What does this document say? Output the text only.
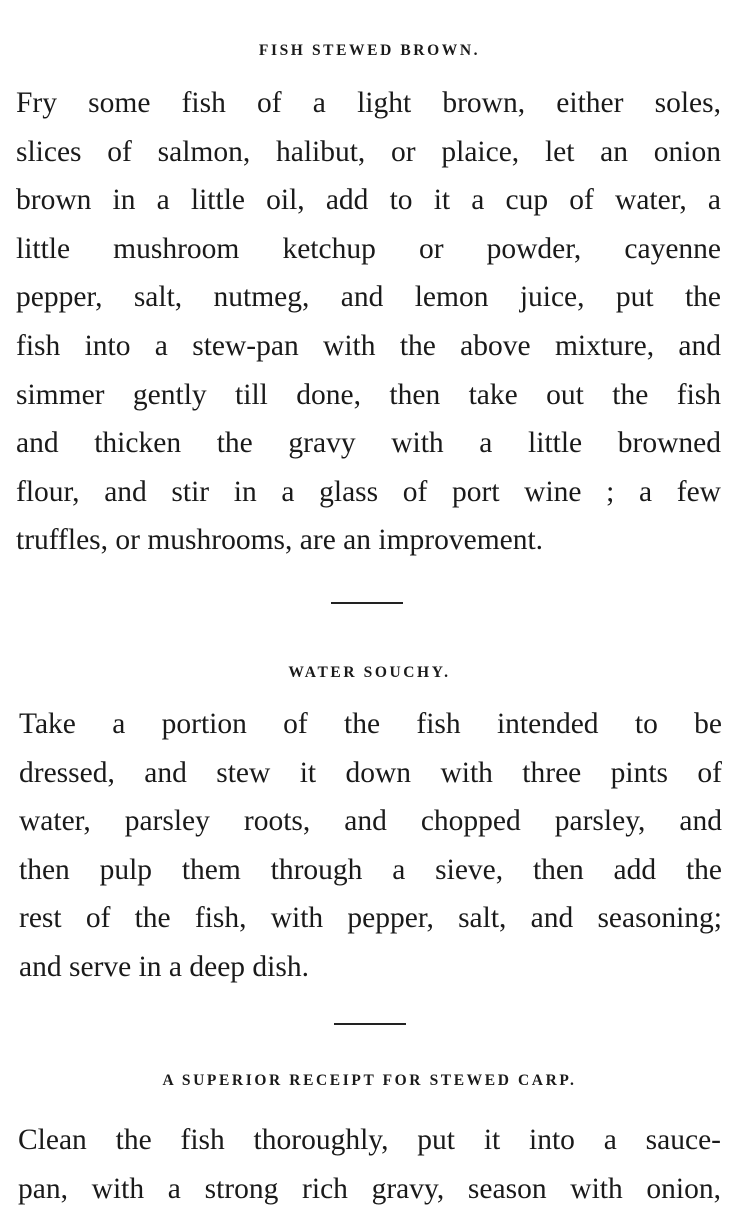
FISH STEWED BROWN.
Fry some fish of a light brown, either soles,
slices of salmon, halibut, or plaice, let an onion
brown in a little oil, add to it a cup of water, a
little mushroom ketchup or powder, cayenne
pepper, salt, nutmeg, and lemon juice, put the
fish into a stew-pan with the above mixture, and
simmer gently till done, then take out the fish
and thicken the gravy with a little browned
flour, and stir in a glass of port wine ; a few
truffles, or mushrooms, are an improvement.
WATER SOUCHY.
Take a portion of the fish intended to be
dressed, and stew it down with three pints of
water, parsley roots, and chopped parsley, and
then pulp them through a sieve, then add the
rest of the fish, with pepper, salt, and seasoning;
and serve in a deep dish.
A SUPERIOR RECEIPT FOR STEWED CARP.
Clean the fish thoroughly, put it into a sauce-
pan, with a strong rich gravy, season with onion,
